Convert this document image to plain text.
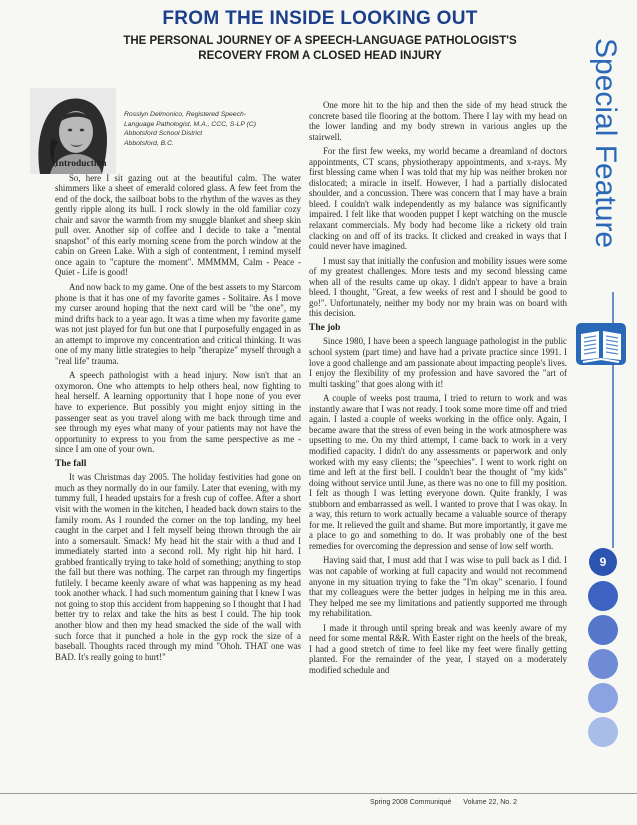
FROM THE INSIDE LOOKING OUT
THE PERSONAL JOURNEY OF A SPEECH-LANGUAGE PATHOLOGIST'S
RECOVERY FROM A CLOSED HEAD INJURY
Rosslyn Delmonico, Registered Speech-
Language Pathologist, M.A., CCC, S-LP (C)
Abbotsford School District
Abbotsford, B.C.
Introduction

So, here I sit gazing out at the beautiful calm. The water shimmers like a sheet of emerald colored glass. A few feet from the end of the dock, the sailboat bobs to the rhythm of the waves as they gently ripple along its hull. I rock slowly in the old familiar cozy chair and savor the warmth from my snuggle blanket and sheep skin pull over. Another sip of coffee and I decide to take a "mental snapshot" of this early morning scene from the porch window at the cabin on Green Lake. With a sigh of contentment, I remind myself once again to "capture the moment". MMMMM, Calm - Peace - Quiet - Life is good!

And now back to my game. One of the best assets to my Starcom phone is that it has one of my favorite games - Solitaire. As I move my curser around hoping that the next card will be "the one", my mind drifts back to a year ago. It was a time when my favorite game was not just played for fun but one that I purposefully engaged in as an attempt to improve my concentration and critical thinking. It was one of my many little strategies to help "therapize" myself through a "real life" trauma.

A speech pathologist with a head injury. Now isn't that an oxymoron. One who attempts to help others heal, now fighting to heal herself. A learning opportunity that I hope none of you ever have to experience. But possibly you might enjoy sitting in the passenger seat as you travel along with me back through time and see through my eyes what many of your patients may not have the opportunity to express to you from the same perspective as me - since I am one of your own.

The fall

It was Christmas day 2005. The holiday festivities had gone on much as they normally do in our family. Later that evening, with my tummy full, I headed upstairs for a fresh cup of coffee. After a short visit with the women in the kitchen, I headed back down stairs to the family room. As I rounded the corner on the top landing, my heel caught in the carpet and I felt myself being thrown through the air into a somersault. Smack! My head hit the stair with a thud and I immediately started into a second roll. My right hip hit hard. I grabbed frantically trying to take hold of something; anything to stop the fall but there was nothing. The carpet ran through my fingertips futilely. I became keenly aware of what was happening as my head took another whack. I had such momentum gaining that I knew I was not going to stop this accident from happening so I thought that I had better try to relax and take the hits as best I could. The hip took another blow and then my head smacked the side of the wall with such force that it punched a hole in the gyp rock the size of a baseball. Thoughts raced through my mind "Ohoh. THAT one was BAD. It's really going to hurt!"

One more hit to the hip and then the side of my head struck the concrete based tile flooring at the bottom. There I lay with my head on the lower landing and my body strewn in various angles up the stairwell.

For the first few weeks, my world became a dreamland of doctors appointments, CT scans, physiotherapy appointments, and x-rays. My first blessing came when I was told that my hip was neither broken nor dislocated; a miracle in itself. However, I had a partially dislocated shoulder, and a concussion. There was concern that I may have a brain bleed. I couldn't walk independently as my balance was significantly impaired. I felt like that wooden puppet I kept watching on the muscle relaxant commercials. My body had become like a rickety old train clacking on and off of its tracks. It clicked and creaked in ways that I could never have imagined.

I must say that initially the confusion and mobility issues were some of my greatest challenges. More tests and my second blessing came when all of the results came up okay. I didn't appear to have a brain bleed. I thought, "Great, a few weeks of rest and I should be good to go!". Unfortunately, neither my body nor my brain was on board with this decision.

The job

Since 1980, I have been a speech language pathologist in the public school system (part time) and have had a private practice since 1991. I love a good challenge and am passionate about impacting people's lives. I enjoy the flexibility of my profession and have savored the "art of multi tasking" that goes along with it!

A couple of weeks post trauma, I tried to return to work and was instantly aware that I was not ready. I took some more time off and tried again. I lasted a couple of weeks working in the office only. Again, I became aware that the stress of even being in the work atmosphere was upsetting to me. On my third attempt, I came back to work in a very modified capacity. I didn't do any assessments or paperwork and only worked with my easy clients; the "speechies". I went to work right on time and left at the first bell. I couldn't bear the thought of "my kids" doing without service until June, as there was no one to fill my position. I felt as though I was letting everyone down. Quite frankly, I was stubborn and embarrassed as well. I wanted to prove that I was okay. In a way, this return to work actually became a valuable source of therapy for me. It relieved the guilt and shame. But more importantly, it gave me a place to go and something to do. It was probably one of the best remedies for overcoming the depression and sense of low self worth.

Having said that, I must add that I was wise to pull back as I did. I was not capable of working at full capacity and would not recommend anyone in my situation trying to fake the "I'm okay" scenario. I found that my colleagues were the better judges in helping me in this area. They helped me see my limitations and patiently supported me through my rehabilitation.

I made it through until spring break and was keenly aware of my need for some mental R&R. With Easter right on the heels of the break, I had a good stretch of time to feel like my feet were finally getting planted. For the remainder of the year, I stayed on a moderately modified schedule and

Special Feature
9
Spring 2008 Communiqué Volume 22, No. 2
